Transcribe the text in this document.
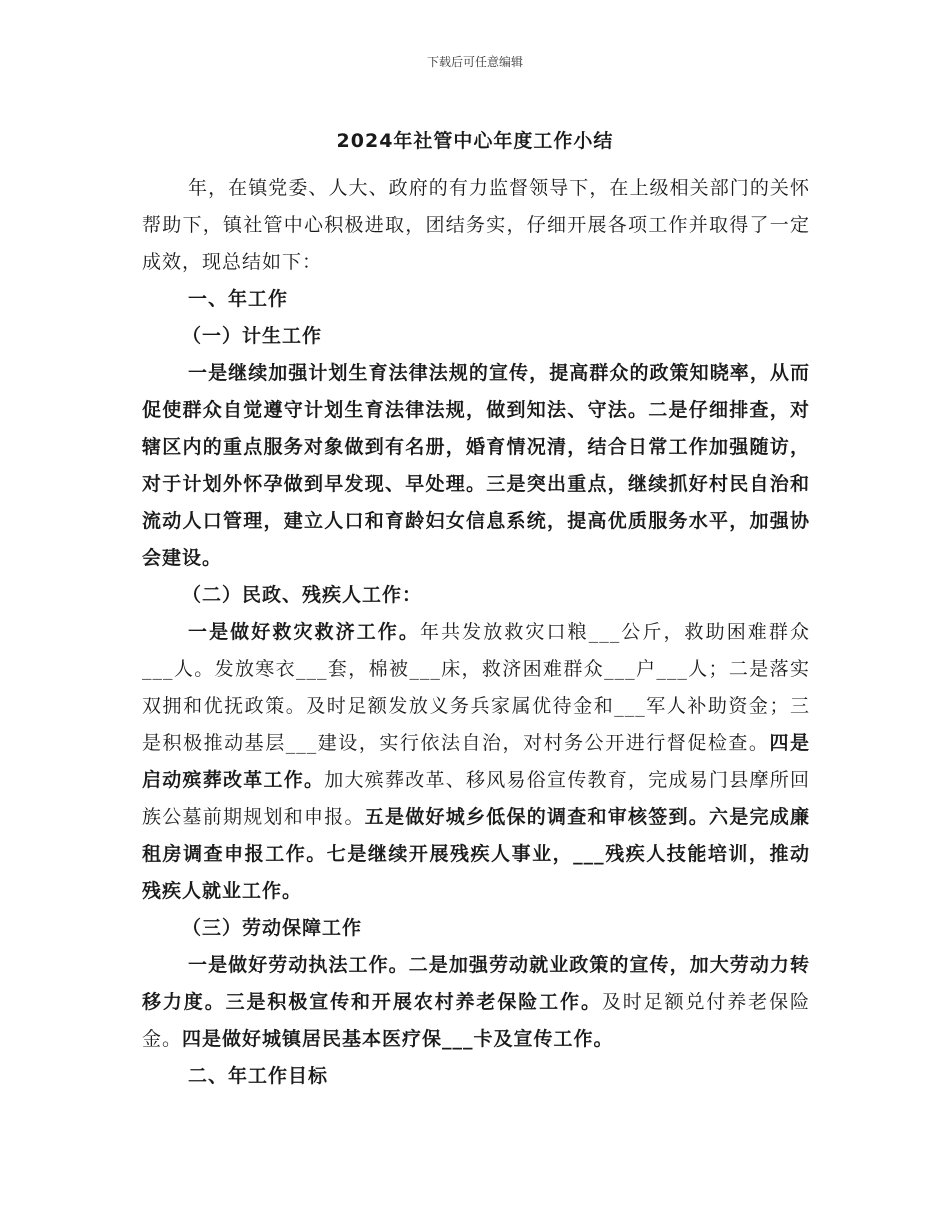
下载后可任意编辑
2024年社管中心年度工作小结

年，在镇党委、人大、政府的有力监督领导下，在上级相关部门的关怀帮助下，镇社管中心积极进取，团结务实，仔细开展各项工作并取得了一定成效，现总结如下：

一、年工作

（一）计生工作

一是继续加强计划生育法律法规的宣传，提高群众的政策知晓率，从而促使群众自觉遵守计划生育法律法规，做到知法、守法。二是仔细排查，对辖区内的重点服务对象做到有名册，婚育情况清，结合日常工作加强随访，对于计划外怀孕做到早发现、早处理。三是突出重点，继续抓好村民自治和流动人口管理，建立人口和育龄妇女信息系统，提高优质服务水平，加强协会建设。

（二）民政、残疾人工作：

一是做好救灾救济工作。年共发放救灾口粮___公斤，救助困难群众___人。发放寒衣___套，棉被___床，救济困难群众___户___人；二是落实双拥和优抚政策。及时足额发放义务兵家属优待金和___军人补助资金；三是积极推动基层___建设，实行依法自治，对村务公开进行督促检查。四是启动殡葬改革工作。加大殡葬改革、移风易俗宣传教育，完成易门县摩所回族公墓前期规划和申报。五是做好城乡低保的调查和审核签到。六是完成廉租房调查申报工作。七是继续开展残疾人事业，___残疾人技能培训，推动残疾人就业工作。

（三）劳动保障工作

一是做好劳动执法工作。二是加强劳动就业政策的宣传，加大劳动力转移力度。三是积极宣传和开展农村养老保险工作。及时足额兑付养老保险金。四是做好城镇居民基本医疗保___卡及宣传工作。

二、年工作目标
